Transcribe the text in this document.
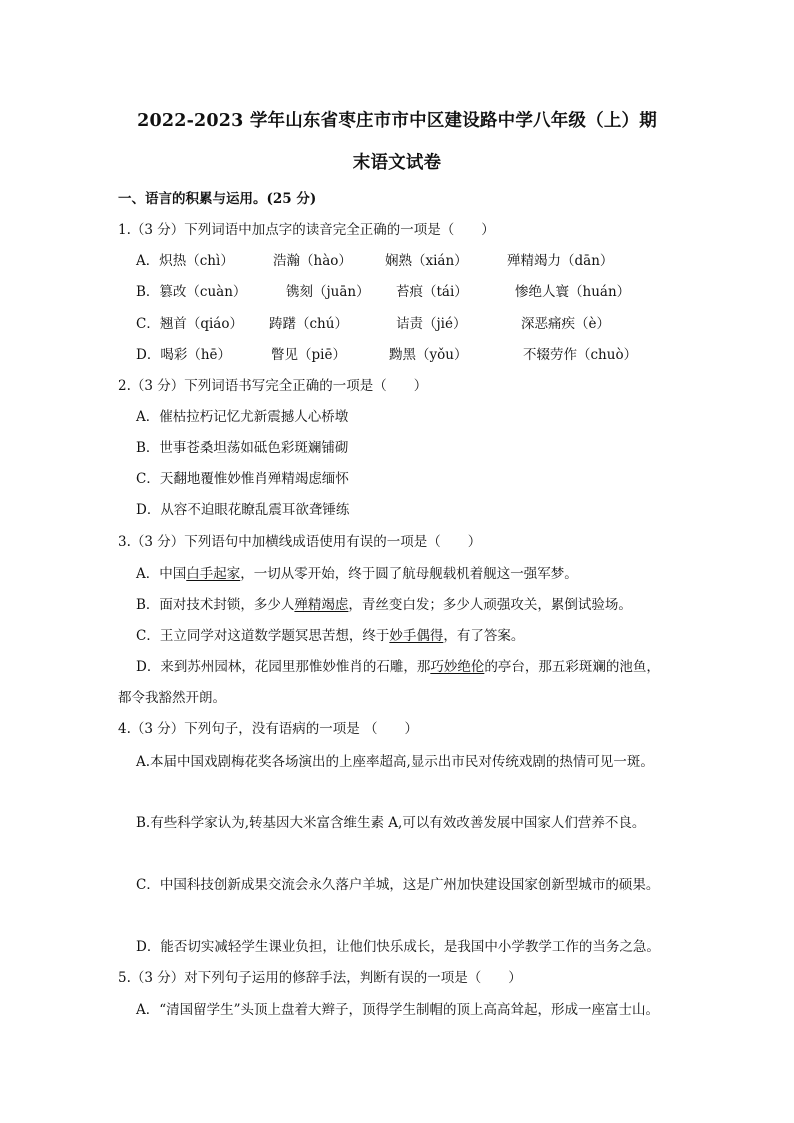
2022-2023 学年山东省枣庄市市中区建设路中学八年级（上）期
末语文试卷
一、语言的积累与运用。(25 分)
1.（3 分）下列词语中加点字的读音完全正确的一项是（　　）
A．炽热（chì）	浩瀚（hào） 娴熟（xián）	殚精竭力（dān）
B．篡改（cuàn）	镌刻（juān） 苔痕（tái）	惨绝人寰（huán）
C．翘首（qiáo） 踌躇（chú）	诘责（jié）	深恶痛疾（è）
D．喝彩（hē）	瞥见（piē）	黝黑（yǒu）	不辍劳作（chuò）
2.（3 分）下列词语书写完全正确的一项是（　　）
A．催枯拉朽记忆尤新震撼人心桥墩
B．世事苍桑坦荡如砥色彩斑斓铺砌
C．天翻地覆惟妙惟肖殚精竭虑缅怀
D．从容不迫眼花瞭乱震耳欲聋锤练
3.（3 分）下列语句中加横线成语使用有误的一项是（　　）
A．中国白手起家，一切从零开始，终于圆了航母舰载机着舰这一强军梦。
B．面对技术封锁，多少人殚精竭虑，青丝变白发；多少人顽强攻关，累倒试验场。
C．王立同学对这道数学题冥思苦想，终于妙手偶得，有了答案。
D．来到苏州园林，花园里那惟妙惟肖的石雕，那巧妙绝伦的亭台，那五彩斑斓的池鱼，
都令我豁然开朗。
4.（3 分）下列句子，没有语病的一项是 （　　）
A.本届中国戏剧梅花奖各场演出的上座率超高,显示出市民对传统戏剧的热情可见一斑。
B.有些科学家认为,转基因大米富含维生素 A,可以有效改善发展中国家人们营养不良。
C．中国科技创新成果交流会永久落户羊城，这是广州加快建设国家创新型城市的硕果。
D．能否切实减轻学生课业负担，让他们快乐成长，是我国中小学教学工作的当务之急。
5.（3 分）对下列句子运用的修辞手法，判断有误的一项是（　　）
A．“清国留学生”头顶上盘着大辫子，顶得学生制帽的顶上高高耸起，形成一座富士山。
